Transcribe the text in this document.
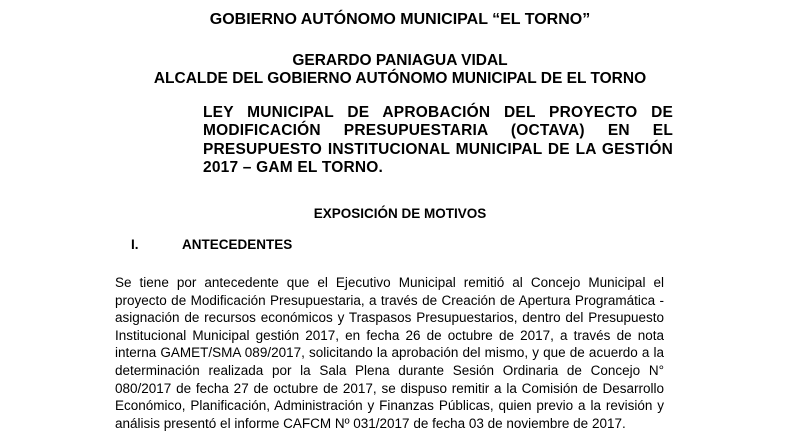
GOBIERNO AUTÓNOMO MUNICIPAL “EL TORNO”

GERARDO PANIAGUA VIDAL

ALCALDE DEL GOBIERNO AUTÓNOMO MUNICIPAL DE EL TORNO

LEY MUNICIPAL DE APROBACIÓN DEL PROYECTO DE MODIFICACIÓN PRESUPUESTARIA (OCTAVA) EN EL PRESUPUESTO INSTITUCIONAL MUNICIPAL DE LA GESTIÓN 2017 – GAM EL TORNO.

EXPOSICIÓN DE MOTIVOS
I.	ANTECEDENTES

Se tiene por antecedente que el Ejecutivo Municipal remitió al Concejo Municipal el proyecto de Modificación Presupuestaria, a través de Creación de Apertura Programática - asignación de recursos económicos y Traspasos Presupuestarios, dentro del Presupuesto Institucional Municipal gestión 2017, en fecha 26 de octubre de 2017, a través de nota interna GAMET/SMA 089/2017, solicitando la aprobación del mismo, y que de acuerdo a la determinación realizada por la Sala Plena durante Sesión Ordinaria de Concejo N° 080/2017 de fecha 27 de octubre de 2017, se dispuso remitir a la Comisión de Desarrollo Económico, Planificación, Administración y Finanzas Públicas, quien previo a la revisión y análisis presentó el informe CAFCM Nº 031/2017 de fecha 03 de noviembre de 2017.
